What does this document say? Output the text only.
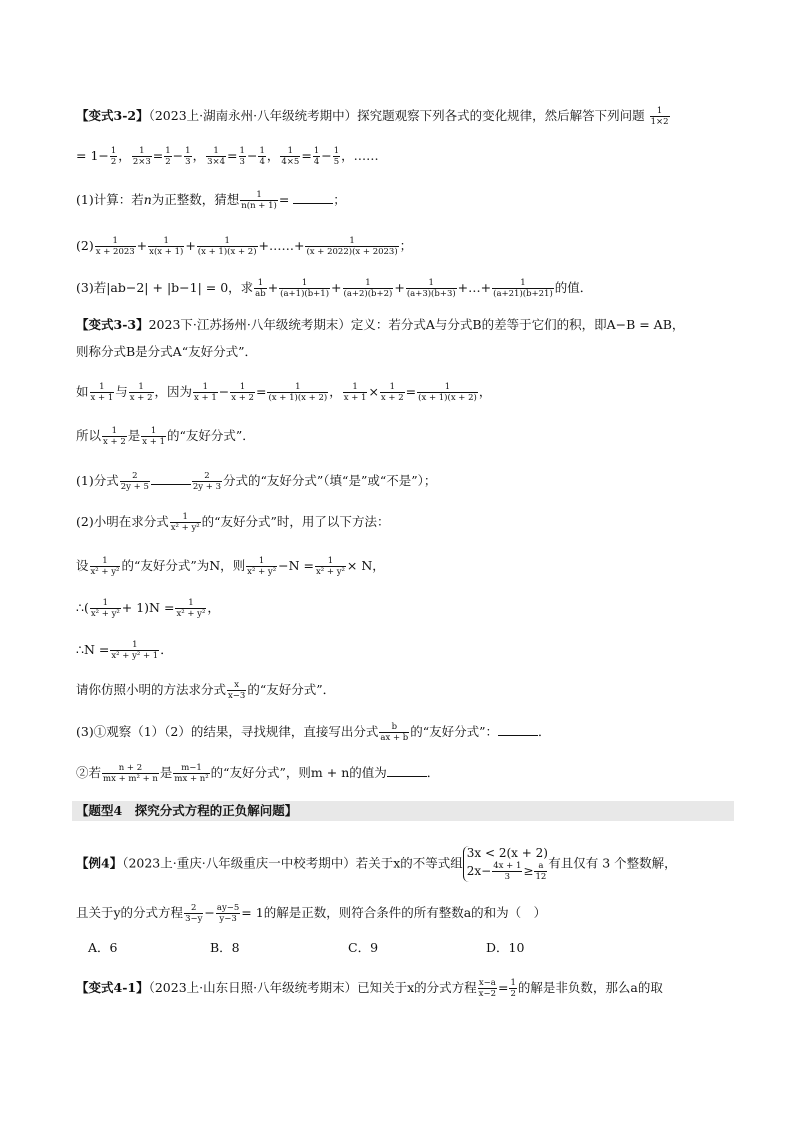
【变式3-2】（2023上·湖南永州·八年级统考期中）探究题观察下列各式的变化规律，然后解答下列问题 $\frac{1}{1\times 2}$
= $1- \frac{1}{2}$ ， $\frac{1}{2\times 3} = \frac{1}{2} - \frac{1}{3}$ ， $\frac{1}{3\times 4} = \frac{1}{3} - \frac{1}{4}$ ， $\frac{1}{4\times 5} = \frac{1}{4} - \frac{1}{5}$ ，……
(1)计算：若n为正整数，猜想 $\frac{1}{n(n + 1)}$ =	；
$(2) \frac{1}{x + 2023} + \frac{1}{x(x + 1)} + \frac{1}{(x + 1)(x + 2)}$ +……+ $\frac{1}{(x + 2022)(x + 2023)}$ ；
(3)若|ab−2| + |b−1| = 0，求 $\frac{1}{ab} + \frac{1}{(a+1)(b+1)} + \frac{1}{(a+2)(b+2)} + \frac{1}{(a+3)(b+3)}$ +…+ $\frac{1}{(a+21)(b+21)}$ 的值．
【变式3-3】2023下·江苏扬州·八年级统考期末）定义：若分式A与分式B的差等于它们的积，即A−B = AB，
则称分式B是分式A“友好分式”．
如 $\frac{1}{x + 1}$ 与 $\frac{1}{x + 2}$ ，因为 $\frac{1}{x + 1} - \frac{1}{x + 2} = \frac{1}{(x + 1)(x + 2)}$ ， $\frac{1}{x + 1} \times \frac{1}{x + 2} = \frac{1}{(x + 1)(x + 2)}$ ，
所以 $\frac{1}{x + 2}$ 是 $\frac{1}{x + 1}$ 的“友好分式”．
(1)分式 $\frac{2}{2y + 5}$	$\frac{2}{2y + 3}$ 分式的“友好分式”（填“是”或“不是”）；
(2)小明在求分式 $\frac{1}{\text{x² + y²}}$ 的“友好分式”时，用了以下方法：
设 $\frac{1}{\text{x² + y²}}$ 的“友好分式”为N，则 $\frac{1}{\text{x² + y²}} -N = \frac{1}{\text{x² + y²}} \times N$，
∴( $\frac{1}{\text{x² + y²}} + 1)N = \frac{1}{\text{x² + y²}}$ ，
∴N = $\frac{1}{\text{x² + y² + 1}}$ ．
请你仿照小明的方法求分式 $\frac{x}{x-3}$ 的“友好分式”．
(3)①观察（1）（2）的结果，寻找规律，直接写出分式 $\frac{b}{ax + b}$ 的“友好分式”：	．
②若 $\frac{n + 2}{\text{mx + m² + n}}$ 是 $\frac{m-1}{\text{mx + n²}}$ 的“友好分式”，则m + n的值为	．
【题型4　探究分式方程的正负解问题】
【例4】（2023上·重庆·八年级重庆一中校考期中）若关于x的不等式组
3x < 2(x + 2)
$2x- \frac{4x + 1}{3} \ge \frac{a}{12}$ 有且仅有 3 个整数解，
且关于y的分式方程 $\frac{2}{3-y} - \frac{ay-5}{y-3} = 1$的解是正数，则符合条件的所有整数a的和为（　）
A．6	B．8	C．9	D．10
【变式4-1】（2023上·山东日照·八年级统考期末）已知关于x的分式方程 $\frac{x-a}{x-2} = \frac{1}{2}$ 的解是非负数，那么a的取
